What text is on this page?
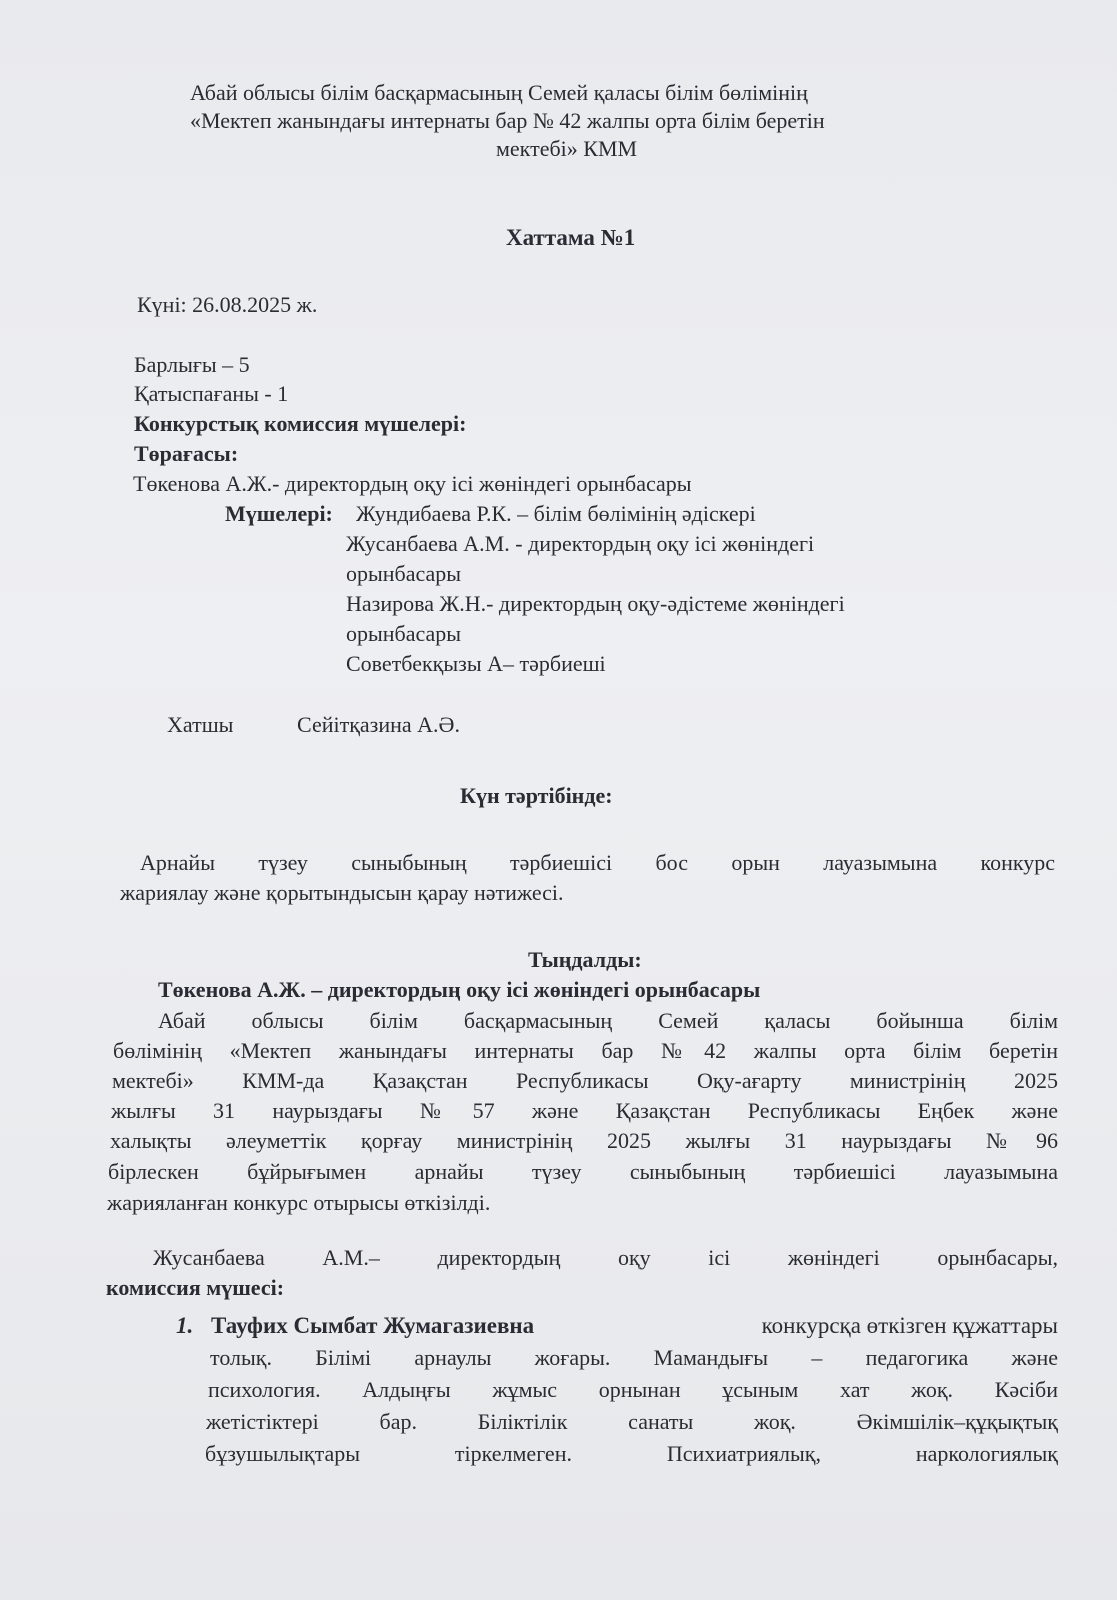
Абай облысы білім басқармасының Семей қаласы білім бөлімінің
«Мектеп жанындағы интернаты бар № 42 жалпы орта білім беретін
мектебі» КММ
Хаттама №1
Күні: 26.08.2025 ж.
Барлығы – 5
Қатыспағаны - 1
Конкурстық комиссия мүшелері:
Төрағасы:
Төкенова А.Ж.- директордың оқу ісі жөніндегі орынбасары
Мүшелері: Жундибаева Р.К. – білім бөлімінің әдіскері
Жусанбаева А.М. - директордың оқу ісі жөніндегі
орынбасары
Назирова Ж.Н.- директордың оқу-әдістеме жөніндегі
орынбасары
Советбекқызы А– тәрбиеші
Хатшы	Сейітқазина А.Ә.
Күн тәртібінде:
Арнайы түзеу сыныбының тәрбиешісі бос орын лауазымына конкурс
жариялау және қорытындысын қарау нәтижесі.
Тыңдалды:
Төкенова А.Ж. – директордың оқу ісі жөніндегі орынбасары
Абай облысы білім басқармасының Семей қаласы бойынша білім
бөлімінің «Мектеп жанындағы интернаты бар №42 жалпы орта білім беретін
мектебі» КММ-да Қазақстан Республикасы Оқу-ағарту министрінің 2025
жылғы 31 наурыздағы №57 және Қазақстан Республикасы Еңбек және
халықты әлеуметтік қорғау министрінің 2025 жылғы 31 наурыздағы №96
бірлескен бұйрығымен арнайы түзеу сыныбының тәрбиешісі лауазымына
жарияланған конкурс отырысы өткізілді.
Жусанбаева А.М.– директордың оқу ісі жөніндегі орынбасары,
комиссия мүшесі:
1. Тауфих Сымбат Жумагазиевна	конкурсқа өткізген құжаттары
толық. Білімі арнаулы жоғары. Мамандығы – педагогика және
психология. Алдыңғы жұмыс орнынан ұсыным хат жоқ. Кәсіби
жетістіктері бар. Біліктілік санаты жоқ. Әкімшілік–құқықтық
бұзушылықтары тіркелмеген. Психиатриялық, наркологиялық
